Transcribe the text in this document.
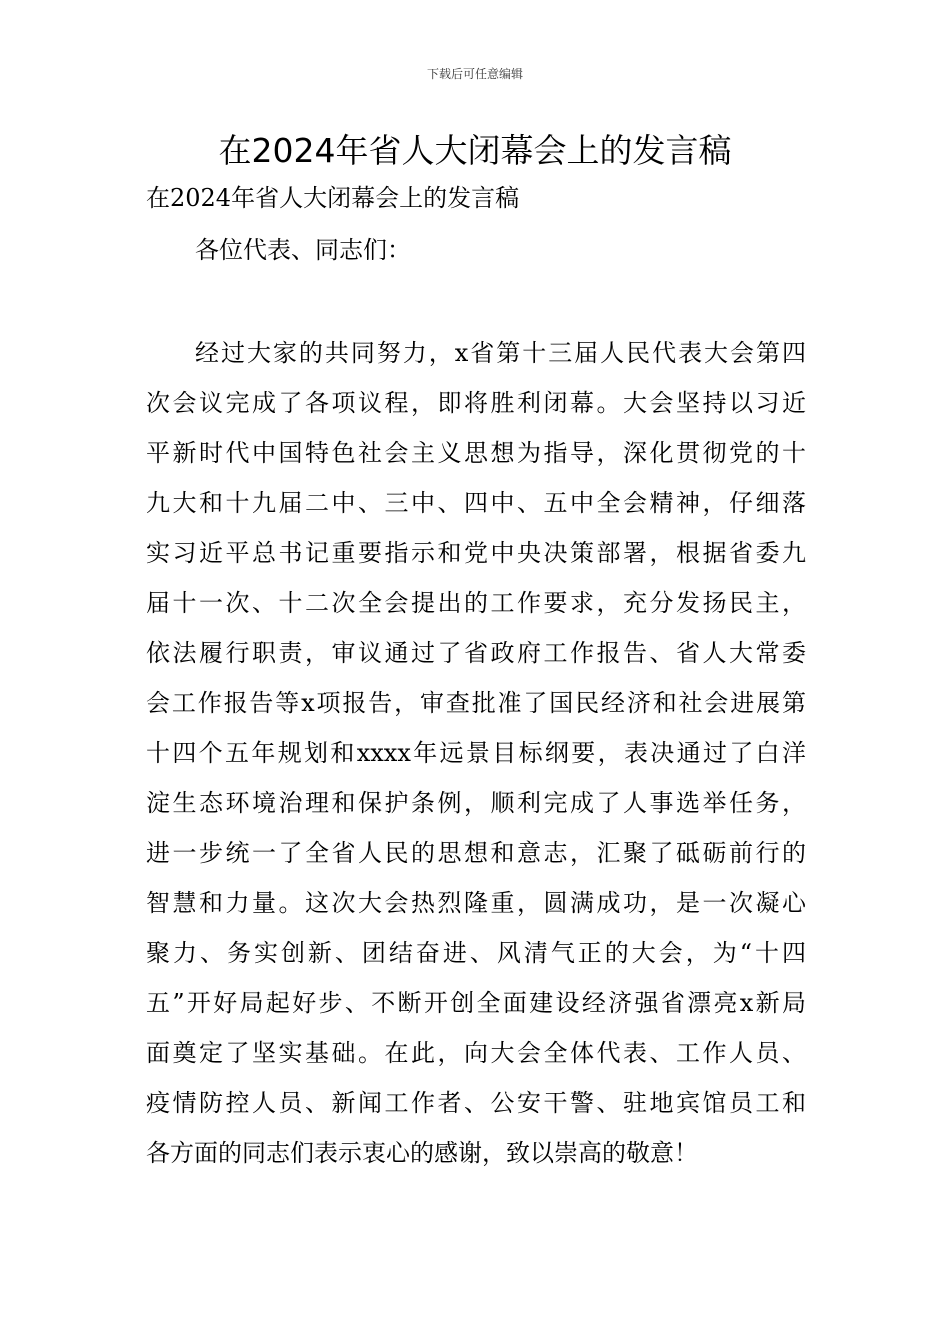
下载后可任意编辑
在2024年省人大闭幕会上的发言稿
在2024年省人大闭幕会上的发言稿
各位代表、同志们：
经过大家的共同努力，x省第十三届人民代表大会第四
次会议完成了各项议程，即将胜利闭幕。大会坚持以习近
平新时代中国特色社会主义思想为指导，深化贯彻党的十
九大和十九届二中、三中、四中、五中全会精神，仔细落
实习近平总书记重要指示和党中央决策部署，根据省委九
届十一次、十二次全会提出的工作要求，充分发扬民主，
依法履行职责，审议通过了省政府工作报告、省人大常委
会工作报告等x项报告，审查批准了国民经济和社会进展第
十四个五年规划和xxxx年远景目标纲要，表决通过了白洋
淀生态环境治理和保护条例，顺利完成了人事选举任务，
进一步统一了全省人民的思想和意志，汇聚了砥砺前行的
智慧和力量。这次大会热烈隆重，圆满成功，是一次凝心
聚力、务实创新、团结奋进、风清气正的大会，为“十四
五”开好局起好步、不断开创全面建设经济强省漂亮x新局
面奠定了坚实基础。在此，向大会全体代表、工作人员、
疫情防控人员、新闻工作者、公安干警、驻地宾馆员工和
各方面的同志们表示衷心的感谢，致以崇高的敬意！
